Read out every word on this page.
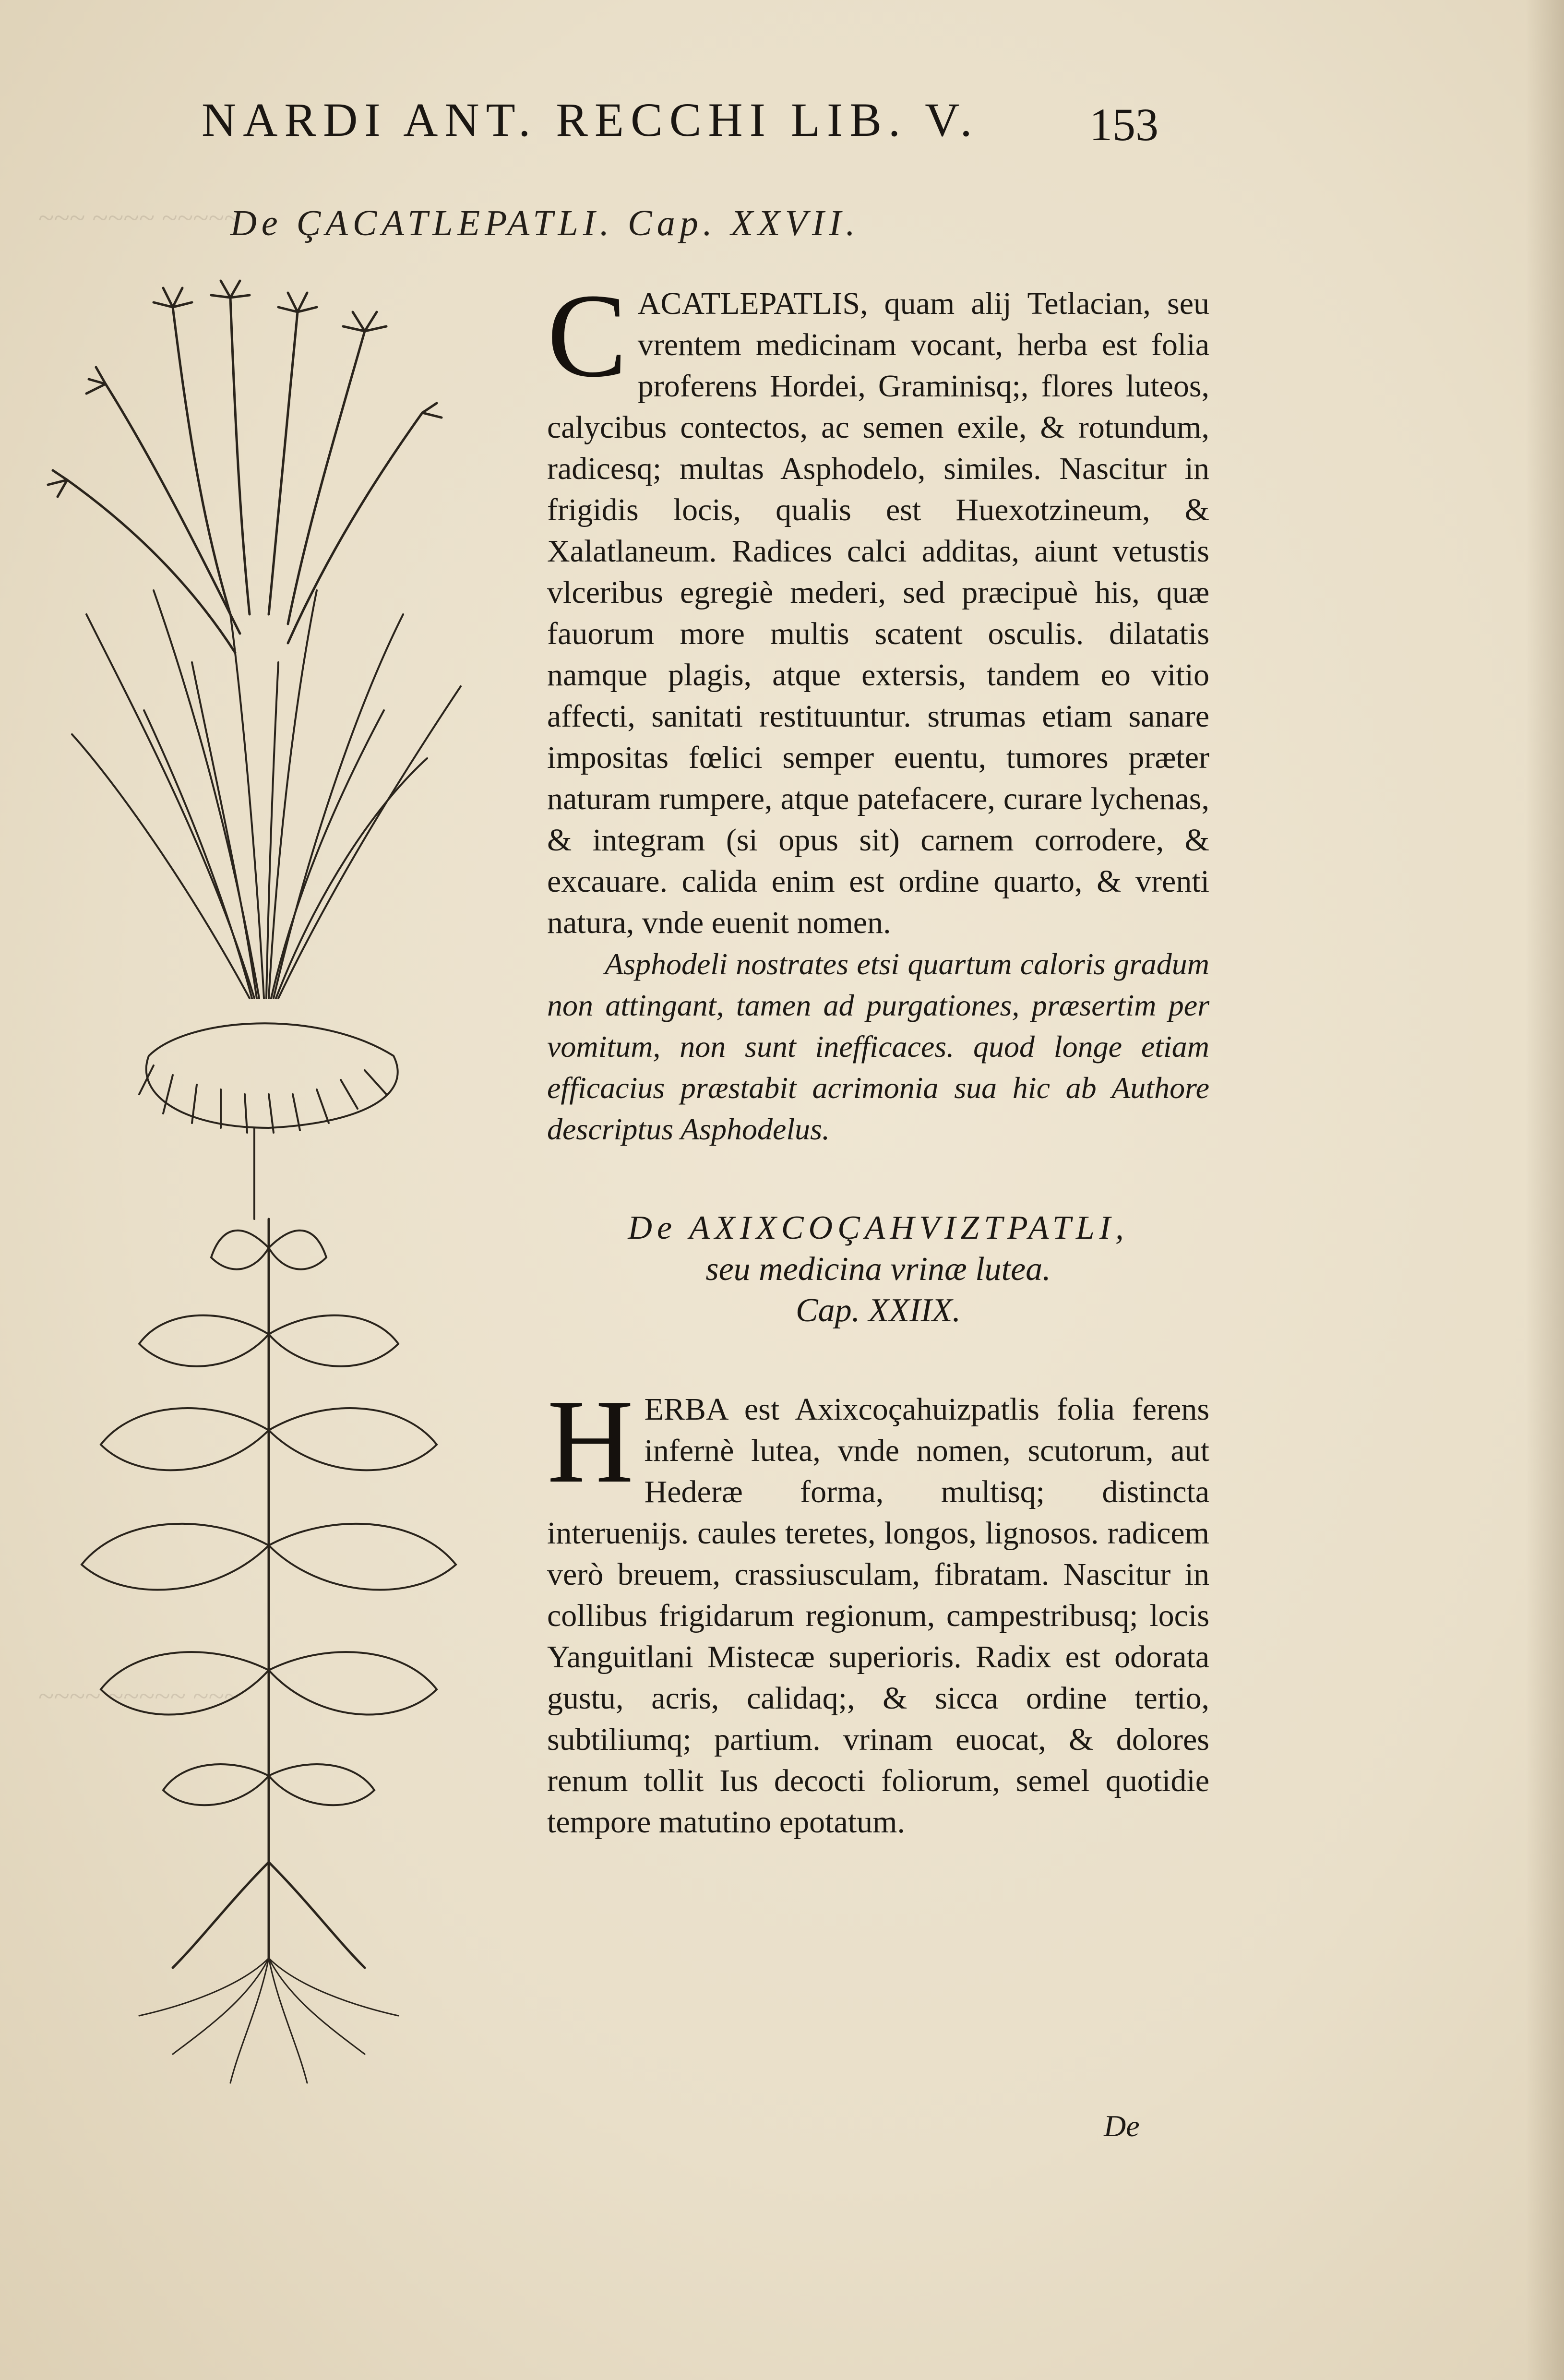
~~~ ~~~~ ~~~~~
~~~~ ~~~~~ ~~~
NARDI ANT. RECCHI LIB. V.	153
De ÇACATLEPATLI. Cap. XXVII.

C ACATLEPATLIS, quam alij Tetlacian, seu vrentem medicinam vocant, herba est folia proferens Hordei, Graminisq;, flores luteos, calycibus contectos, ac semen exile, & rotundum, radicesq; multas Asphodelo, similes. Nascitur in frigidis locis, qualis est Huexotzineum, & Xalatlaneum. Radices calci additas, aiunt vetustis vlceribus egregiè mederi, sed præcipuè his, quæ fauorum more multis scatent osculis. dilatatis namque plagis, atque extersis, tandem eo vitio affecti, sanitati restituuntur. strumas etiam sanare impositas fœlici semper euentu, tumores præter naturam rumpere, atque patefacere, curare lychenas, & integram (si opus sit) carnem corrodere, & excauare. calida enim est ordine quarto, & vrenti natura, vnde euenit nomen.

Asphodeli nostrates etsi quartum caloris gradum non attingant, tamen ad purgationes, præsertim per vomitum, non sunt inefficaces. quod longe etiam efficacius præstabit acrimonia sua hic ab Authore descriptus Asphodelus.

De AXIXCOÇAHVIZTPATLI,
seu medicina vrinæ lutea.
Cap. XXIIX.

H ERBA est Axixcoçahuizpatlis folia ferens infernè lutea, vnde nomen, scutorum, aut Hederæ forma, multisq; distincta interuenijs. caules teretes, longos, lignosos. radicem verò breuem, crassiusculam, fibratam. Nascitur in collibus frigidarum regionum, campestribusq; locis Yanguitlani Mistecæ superioris. Radix est odorata gustu, acris, calidaq;, & sicca ordine tertio, subtiliumq; partium. vrinam euocat, & dolores renum tollit Ius decocti foliorum, semel quotidie tempore matutino epotatum.

De
